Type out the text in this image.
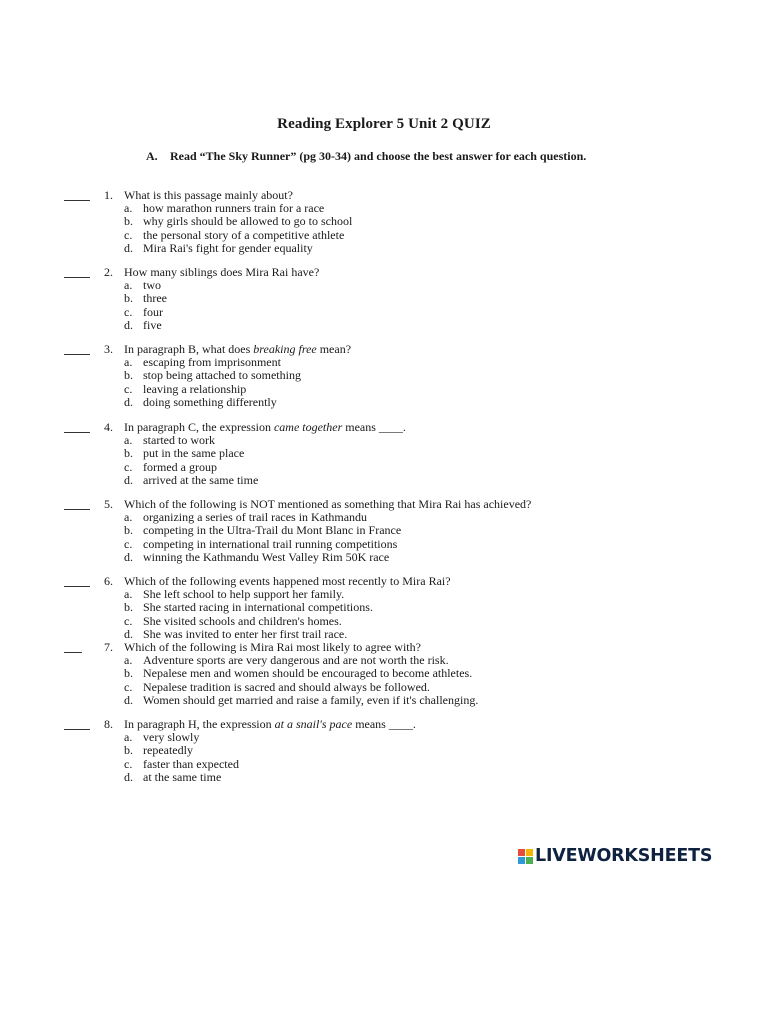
Reading Explorer 5 Unit 2 QUIZ
A. Read “The Sky Runner” (pg 30-34) and choose the best answer for each question.
1. What is this passage mainly about?
a. how marathon runners train for a race
b. why girls should be allowed to go to school
c. the personal story of a competitive athlete
d. Mira Rai's fight for gender equality
2. How many siblings does Mira Rai have?
a. two
b. three
c. four
d. five
3. In paragraph B, what does breaking free mean?
a. escaping from imprisonment
b. stop being attached to something
c. leaving a relationship
d. doing something differently
4. In paragraph C, the expression came together means ____.
a. started to work
b. put in the same place
c. formed a group
d. arrived at the same time
5. Which of the following is NOT mentioned as something that Mira Rai has achieved?
a. organizing a series of trail races in Kathmandu
b. competing in the Ultra-Trail du Mont Blanc in France
c. competing in international trail running competitions
d. winning the Kathmandu West Valley Rim 50K race
6. Which of the following events happened most recently to Mira Rai?
a. She left school to help support her family.
b. She started racing in international competitions.
c. She visited schools and children's homes.
d. She was invited to enter her first trail race.
7. Which of the following is Mira Rai most likely to agree with?
a. Adventure sports are very dangerous and are not worth the risk.
b. Nepalese men and women should be encouraged to become athletes.
c. Nepalese tradition is sacred and should always be followed.
d. Women should get married and raise a family, even if it's challenging.
8. In paragraph H, the expression at a snail's pace means ____.
a. very slowly
b. repeatedly
c. faster than expected
d. at the same time
LIVEWORKSHEETS
